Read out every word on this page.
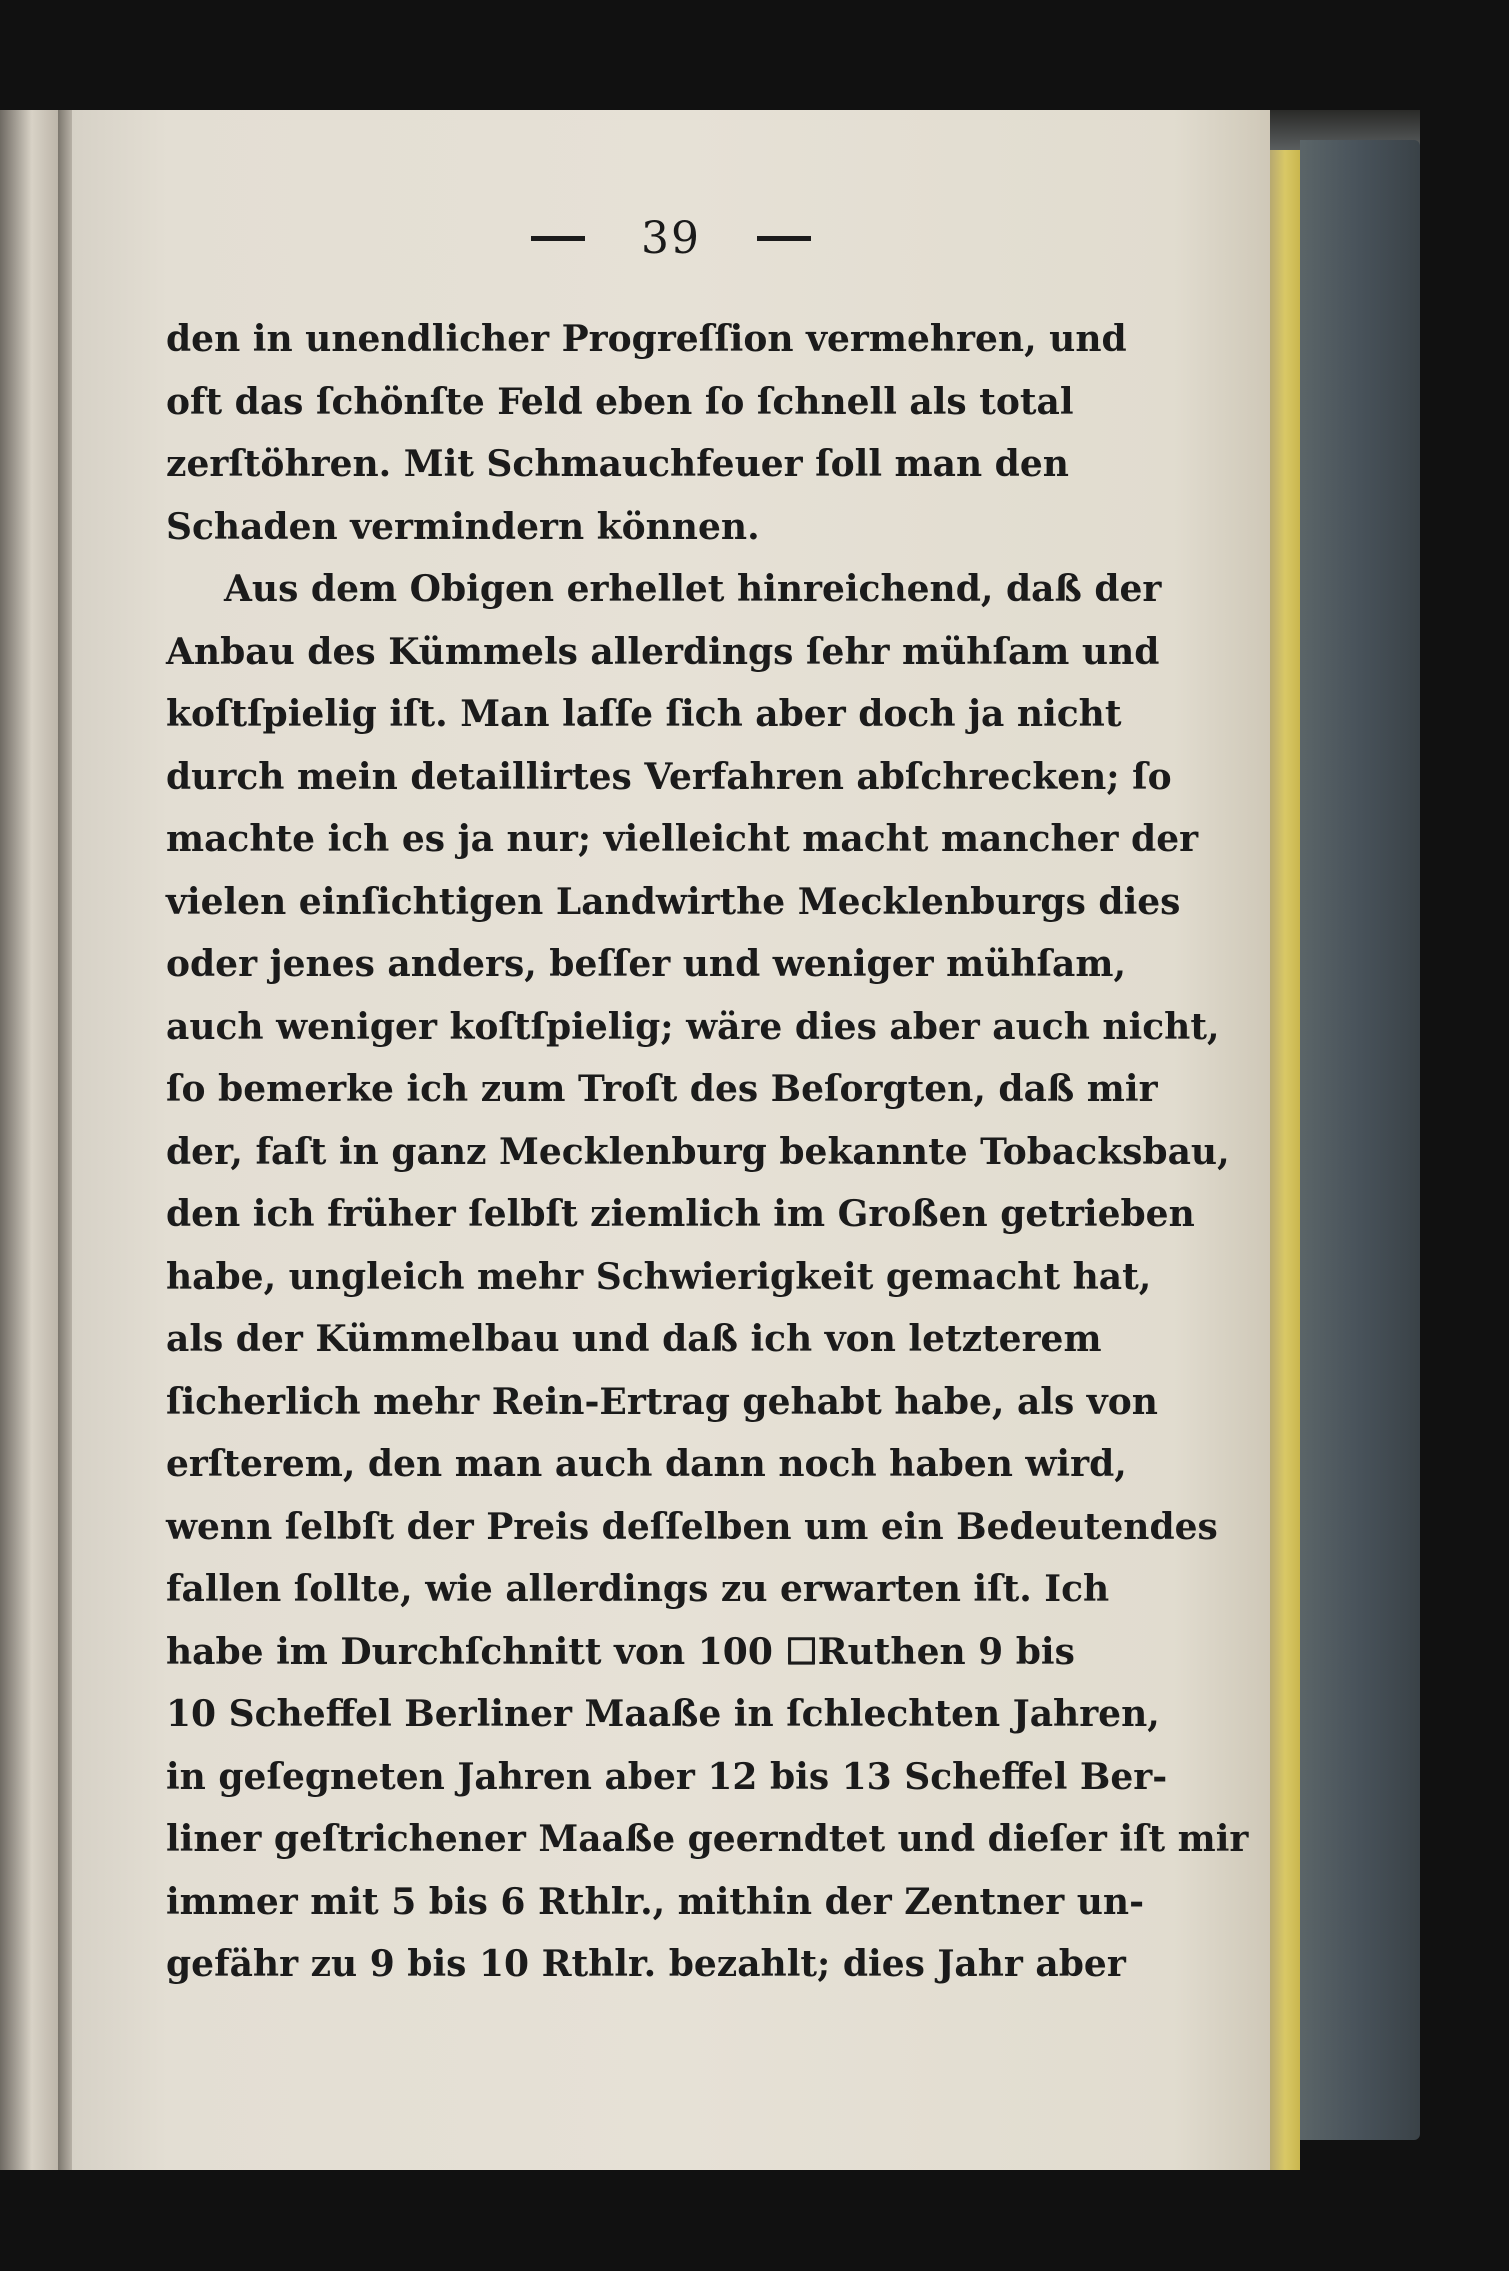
39
den in unendlicher Progreſſion vermehren, und
oft das ſchönſte Feld eben ſo ſchnell als total
zerſtöhren. Mit Schmauchfeuer ſoll man den
Schaden vermindern können.
Aus dem Obigen erhellet hinreichend, daß der
Anbau des Kümmels allerdings ſehr mühſam und
koſtſpielig iſt. Man laſſe ſich aber doch ja nicht
durch mein detaillirtes Verfahren abſchrecken; ſo
machte ich es ja nur; vielleicht macht mancher der
vielen einſichtigen Landwirthe Mecklenburgs dies
oder jenes anders, beſſer und weniger mühſam,
auch weniger koſtſpielig; wäre dies aber auch nicht,
ſo bemerke ich zum Troſt des Beſorgten, daß mir
der, faſt in ganz Mecklenburg bekannte Tobacksbau,
den ich früher ſelbſt ziemlich im Großen getrieben
habe, ungleich mehr Schwierigkeit gemacht hat,
als der Kümmelbau und daß ich von letzterem
ſicherlich mehr Rein-Ertrag gehabt habe, als von
erſterem, den man auch dann noch haben wird,
wenn ſelbſt der Preis deſſelben um ein Bedeutendes
fallen ſollte, wie allerdings zu erwarten iſt. Ich
habe im Durchſchnitt von 100 ☐Ruthen 9 bis
10 Scheffel Berliner Maaße in ſchlechten Jahren,
in geſegneten Jahren aber 12 bis 13 Scheffel Ber-
liner geſtrichener Maaße geerndtet und dieſer iſt mir
immer mit 5 bis 6 Rthlr., mithin der Zentner un-
gefähr zu 9 bis 10 Rthlr. bezahlt; dies Jahr aber
